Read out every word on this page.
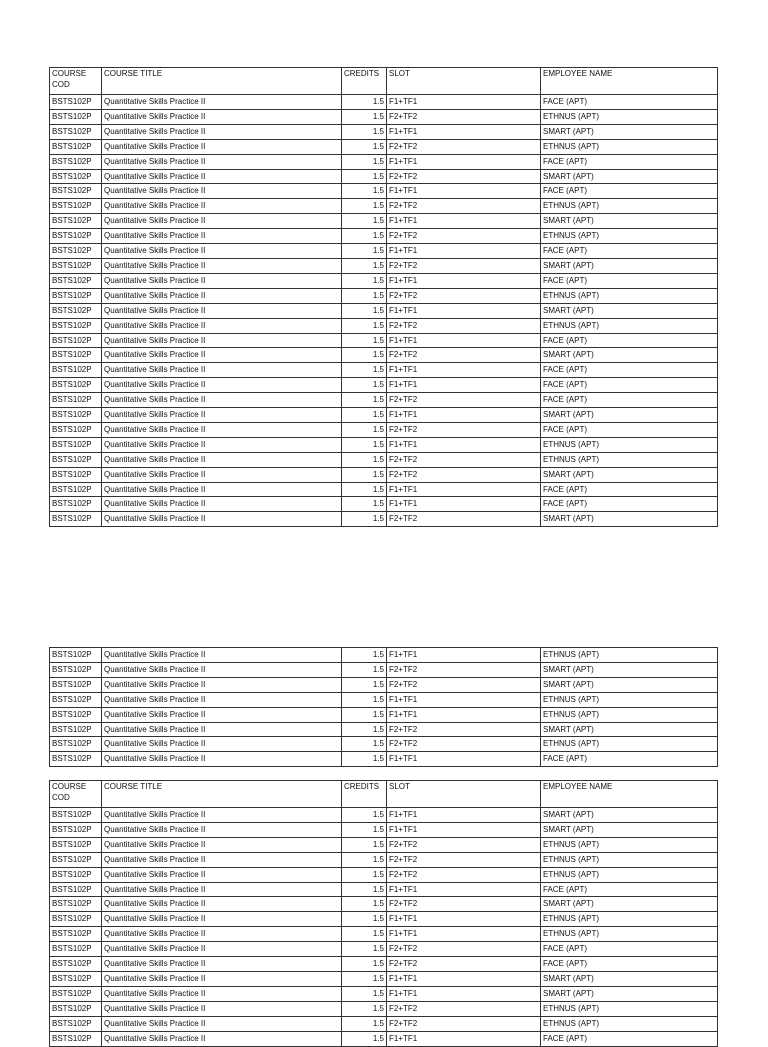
COURSE COD	COURSE TITLE	CREDITS	SLOT	EMPLOYEE NAME
BSTS102P	Quantitative Skills Practice II	1.5	F1+TF1	FACE (APT)
BSTS102P	Quantitative Skills Practice II	1.5	F2+TF2	ETHNUS (APT)
BSTS102P	Quantitative Skills Practice II	1.5	F1+TF1	SMART (APT)
BSTS102P	Quantitative Skills Practice II	1.5	F2+TF2	ETHNUS (APT)
BSTS102P	Quantitative Skills Practice II	1.5	F1+TF1	FACE (APT)
BSTS102P	Quantitative Skills Practice II	1.5	F2+TF2	SMART (APT)
BSTS102P	Quantitative Skills Practice II	1.5	F1+TF1	FACE (APT)
BSTS102P	Quantitative Skills Practice II	1.5	F2+TF2	ETHNUS (APT)
BSTS102P	Quantitative Skills Practice II	1.5	F1+TF1	SMART (APT)
BSTS102P	Quantitative Skills Practice II	1.5	F2+TF2	ETHNUS (APT)
BSTS102P	Quantitative Skills Practice II	1.5	F1+TF1	FACE (APT)
BSTS102P	Quantitative Skills Practice II	1.5	F2+TF2	SMART (APT)
BSTS102P	Quantitative Skills Practice II	1.5	F1+TF1	FACE (APT)
BSTS102P	Quantitative Skills Practice II	1.5	F2+TF2	ETHNUS (APT)
BSTS102P	Quantitative Skills Practice II	1.5	F1+TF1	SMART (APT)
BSTS102P	Quantitative Skills Practice II	1.5	F2+TF2	ETHNUS (APT)
BSTS102P	Quantitative Skills Practice II	1.5	F1+TF1	FACE (APT)
BSTS102P	Quantitative Skills Practice II	1.5	F2+TF2	SMART (APT)
BSTS102P	Quantitative Skills Practice II	1.5	F1+TF1	FACE (APT)
BSTS102P	Quantitative Skills Practice II	1.5	F1+TF1	FACE (APT)
BSTS102P	Quantitative Skills Practice II	1.5	F2+TF2	FACE (APT)
BSTS102P	Quantitative Skills Practice II	1.5	F1+TF1	SMART (APT)
BSTS102P	Quantitative Skills Practice II	1.5	F2+TF2	FACE (APT)
BSTS102P	Quantitative Skills Practice II	1.5	F1+TF1	ETHNUS (APT)
BSTS102P	Quantitative Skills Practice II	1.5	F2+TF2	ETHNUS (APT)
BSTS102P	Quantitative Skills Practice II	1.5	F2+TF2	SMART (APT)
BSTS102P	Quantitative Skills Practice II	1.5	F1+TF1	FACE (APT)
BSTS102P	Quantitative Skills Practice II	1.5	F1+TF1	FACE (APT)
BSTS102P	Quantitative Skills Practice II	1.5	F2+TF2	SMART (APT)
BSTS102P	Quantitative Skills Practice II	1.5	F1+TF1	ETHNUS (APT)
BSTS102P	Quantitative Skills Practice II	1.5	F2+TF2	SMART (APT)
BSTS102P	Quantitative Skills Practice II	1.5	F2+TF2	SMART (APT)
BSTS102P	Quantitative Skills Practice II	1.5	F1+TF1	ETHNUS (APT)
BSTS102P	Quantitative Skills Practice II	1.5	F1+TF1	ETHNUS (APT)
BSTS102P	Quantitative Skills Practice II	1.5	F2+TF2	SMART (APT)
BSTS102P	Quantitative Skills Practice II	1.5	F2+TF2	ETHNUS (APT)
BSTS102P	Quantitative Skills Practice II	1.5	F1+TF1	FACE (APT)
COURSE COD	COURSE TITLE	CREDITS	SLOT	EMPLOYEE NAME
BSTS102P	Quantitative Skills Practice II	1.5	F1+TF1	SMART (APT)
BSTS102P	Quantitative Skills Practice II	1.5	F1+TF1	SMART (APT)
BSTS102P	Quantitative Skills Practice II	1.5	F2+TF2	ETHNUS (APT)
BSTS102P	Quantitative Skills Practice II	1.5	F2+TF2	ETHNUS (APT)
BSTS102P	Quantitative Skills Practice II	1.5	F2+TF2	ETHNUS (APT)
BSTS102P	Quantitative Skills Practice II	1.5	F1+TF1	FACE (APT)
BSTS102P	Quantitative Skills Practice II	1.5	F2+TF2	SMART (APT)
BSTS102P	Quantitative Skills Practice II	1.5	F1+TF1	ETHNUS (APT)
BSTS102P	Quantitative Skills Practice II	1.5	F1+TF1	ETHNUS (APT)
BSTS102P	Quantitative Skills Practice II	1.5	F2+TF2	FACE (APT)
BSTS102P	Quantitative Skills Practice II	1.5	F2+TF2	FACE (APT)
BSTS102P	Quantitative Skills Practice II	1.5	F1+TF1	SMART (APT)
BSTS102P	Quantitative Skills Practice II	1.5	F1+TF1	SMART (APT)
BSTS102P	Quantitative Skills Practice II	1.5	F2+TF2	ETHNUS (APT)
BSTS102P	Quantitative Skills Practice II	1.5	F2+TF2	ETHNUS (APT)
BSTS102P	Quantitative Skills Practice II	1.5	F1+TF1	FACE (APT)
